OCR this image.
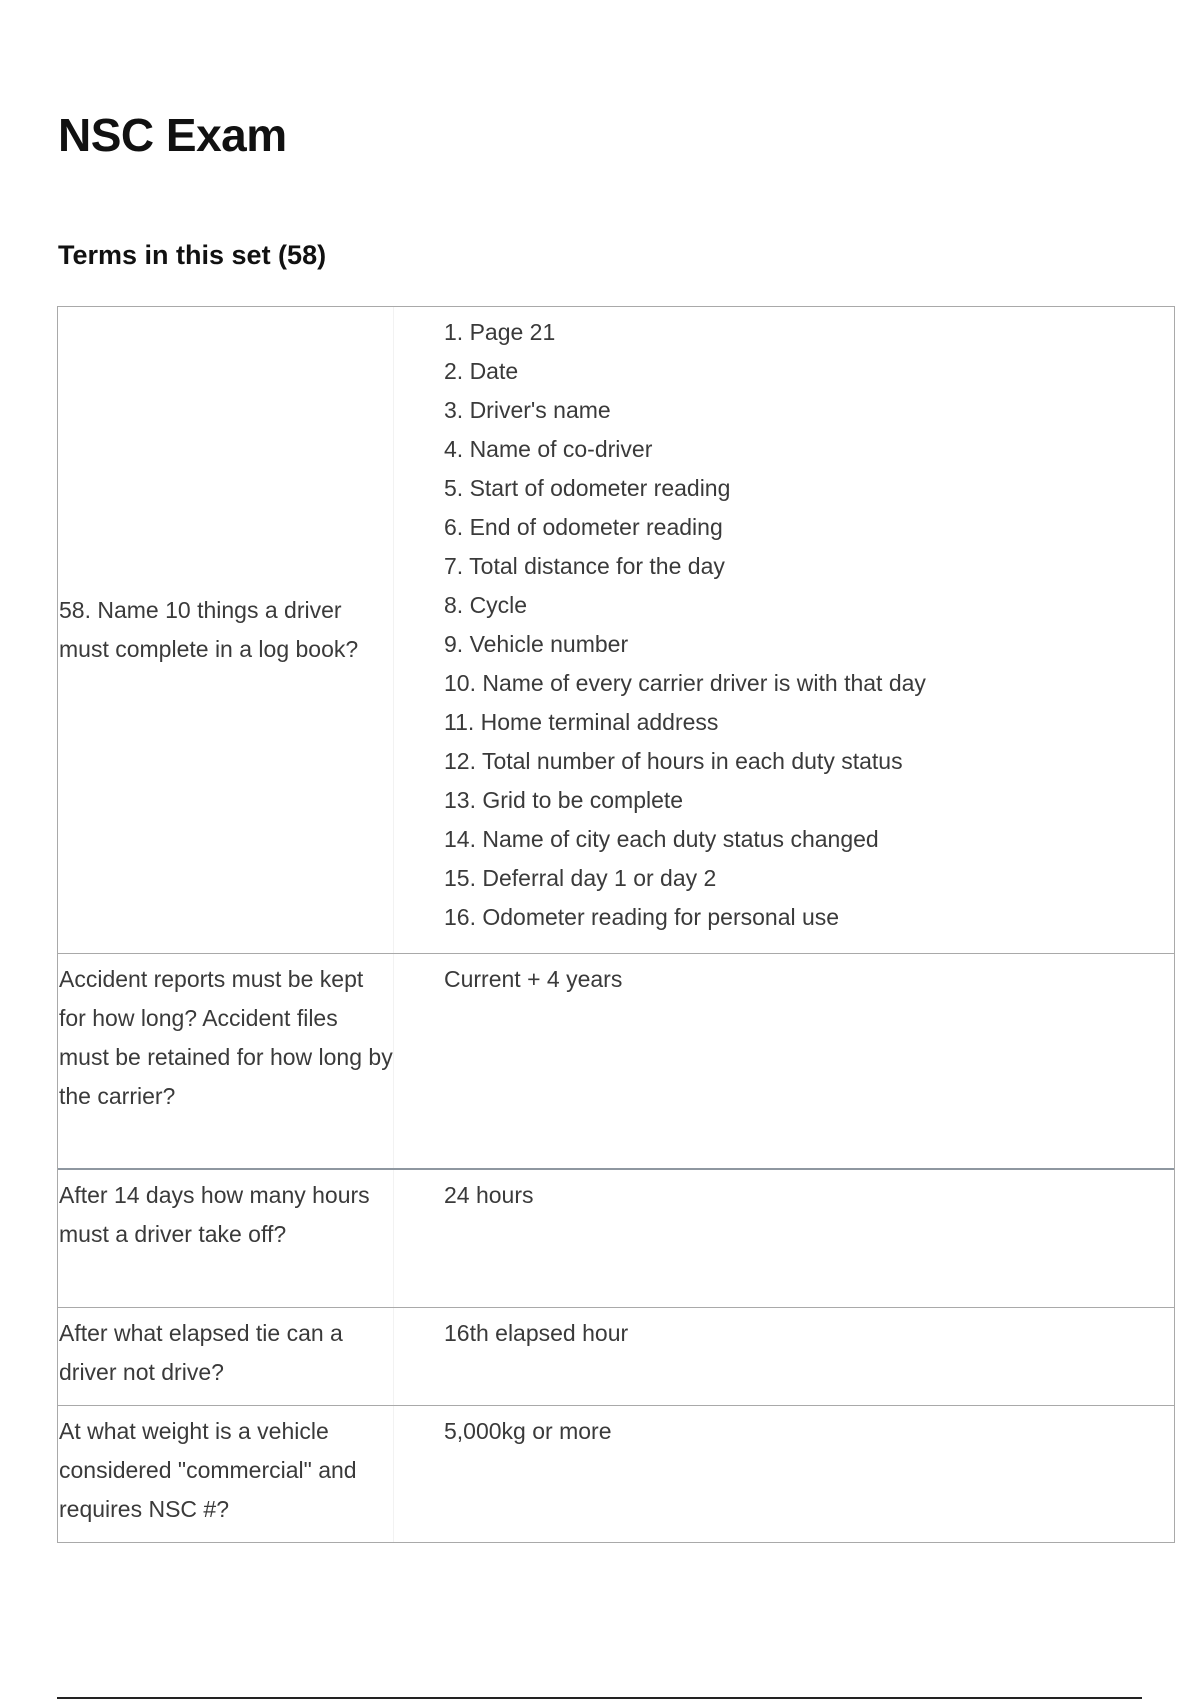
NSC Exam
Terms in this set (58)
58. Name 10 things a driver must complete in a log book?
1. Page 21
2. Date
3. Driver's name
4. Name of co-driver
5. Start of odometer reading
6. End of odometer reading
7. Total distance for the day
8. Cycle
9. Vehicle number
10. Name of every carrier driver is with that day
11. Home terminal address
12. Total number of hours in each duty status
13. Grid to be complete
14. Name of city each duty status changed
15. Deferral day 1 or day 2
16. Odometer reading for personal use
Accident reports must be kept for how long? Accident files must be retained for how long by the carrier?
Current + 4 years
After 14 days how many hours must a driver take off?
24 hours
After what elapsed tie can a driver not drive?
16th elapsed hour
At what weight is a vehicle considered "commercial" and requires NSC #?
5,000kg or more
